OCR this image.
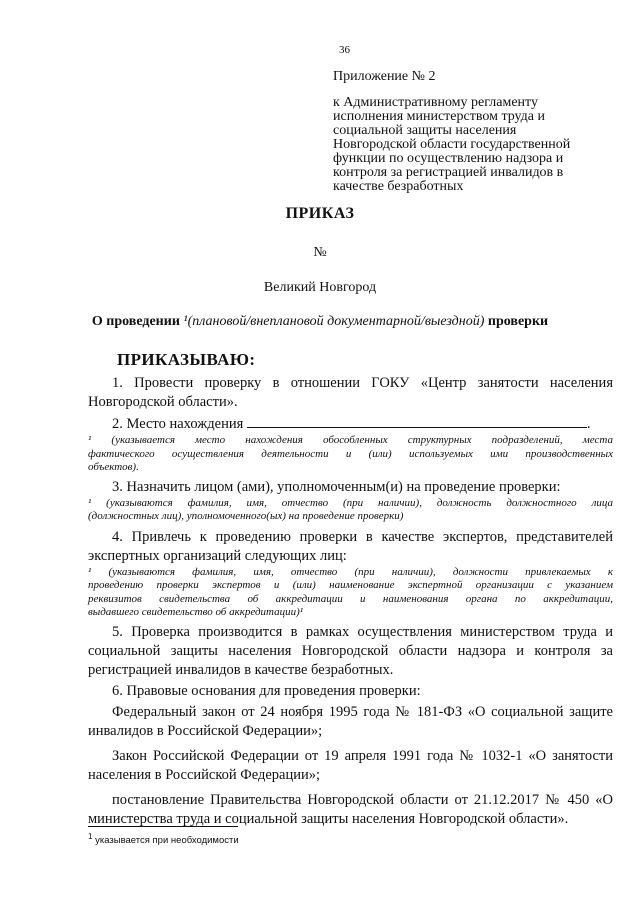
36
Приложение № 2
к Административному регламенту
исполнения министерством труда и
социальной защиты населения
Новгородской области государственной
функции по осуществлению надзора и
контроля за регистрацией инвалидов в
качестве безработных
ПРИКАЗ
№
Великий Новгород
О проведении ¹(плановой/внеплановой документарной/выездной) проверки
ПРИКАЗЫВАЮ:
1. Провести проверку в отношении ГОКУ «Центр занятости населения
Новгородской области».
2. Место нахождения	.
¹ (указывается место нахождения обособленных структурных подразделений, места
фактического осуществления деятельности и (или) используемых ими производственных
объектов).
3. Назначить лицом (ами), уполномоченным(и) на проведение проверки:
¹ (указываются фамилия, имя, отчество (при наличии), должность должностного лица
(должностных лиц), уполномоченного(ых) на проведение проверки)
4. Привлечь к проведению проверки в качестве экспертов, представителей
экспертных организаций следующих лиц:
¹ (указываются фамилия, имя, отчество (при наличии), должности привлекаемых к
проведению проверки экспертов и (или) наименование экспертной организации с указанием
реквизитов свидетельства об аккредитации и наименования органа по аккредитации,
выдавшего свидетельство об аккредитации)¹
5. Проверка производится в рамках осуществления министерством труда и
социальной защиты населения Новгородской области надзора и контроля за
регистрацией инвалидов в качестве безработных.
6. Правовые основания для проведения проверки:
Федеральный закон от 24 ноября 1995 года № 181-ФЗ «О социальной защите
инвалидов в Российской Федерации»;
Закон Российской Федерации от 19 апреля 1991 года № 1032-1 «О занятости
населения в Российской Федерации»;
постановление Правительства Новгородской области от 21.12.2017 № 450 «О
министерства труда и социальной защиты населения Новгородской области».
$^1$ указывается при необходимости
